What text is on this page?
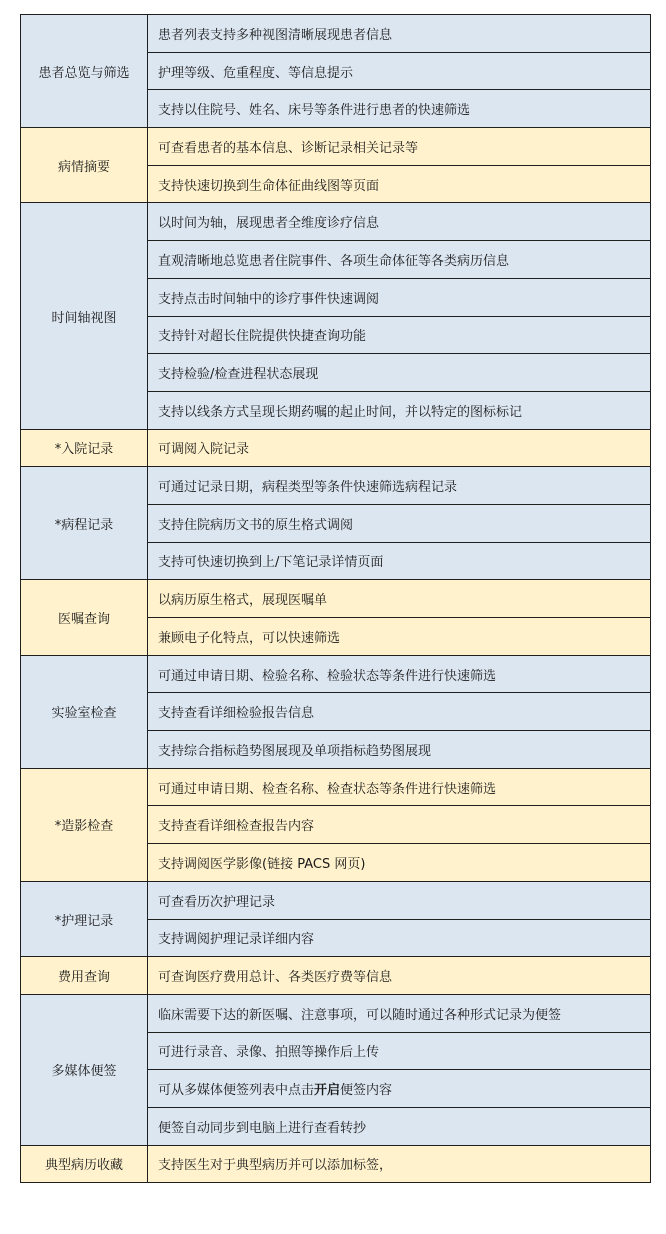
患者总览与筛选	患者列表支持多种视图清晰展现患者信息
	护理等级、危重程度、等信息提示
	支持以住院号、姓名、床号等条件进行患者的快速筛选
病情摘要	可查看患者的基本信息、诊断记录相关记录等
	支持快速切换到生命体征曲线图等页面
时间轴视图	以时间为轴，展现患者全维度诊疗信息
	直观清晰地总览患者住院事件、各项生命体征等各类病历信息
	支持点击时间轴中的诊疗事件快速调阅
	支持针对超长住院提供快捷查询功能
	支持检验/检查进程状态展现
	支持以线条方式呈现长期药嘱的起止时间，并以特定的图标标记
*入院记录	可调阅入院记录
*病程记录	可通过记录日期，病程类型等条件快速筛选病程记录
	支持住院病历文书的原生格式调阅
	支持可快速切换到上/下笔记录详情页面
医嘱查询	以病历原生格式，展现医嘱单
	兼顾电子化特点，可以快速筛选
实验室检查	可通过申请日期、检验名称、检验状态等条件进行快速筛选
	支持查看详细检验报告信息
	支持综合指标趋势图展现及单项指标趋势图展现
*造影检查	可通过申请日期、检查名称、检查状态等条件进行快速筛选
	支持查看详细检查报告内容
	支持调阅医学影像(链接 PACS 网页)
*护理记录	可查看历次护理记录
	支持调阅护理记录详细内容
费用查询	可查询医疗费用总计、各类医疗费等信息
多媒体便签	临床需要下达的新医嘱、注意事项，可以随时通过各种形式记录为便签
	可进行录音、录像、拍照等操作后上传
	可从多媒体便签列表中点击开启便签内容
	便签自动同步到电脑上进行查看转抄
典型病历收藏	支持医生对于典型病历并可以添加标签，
